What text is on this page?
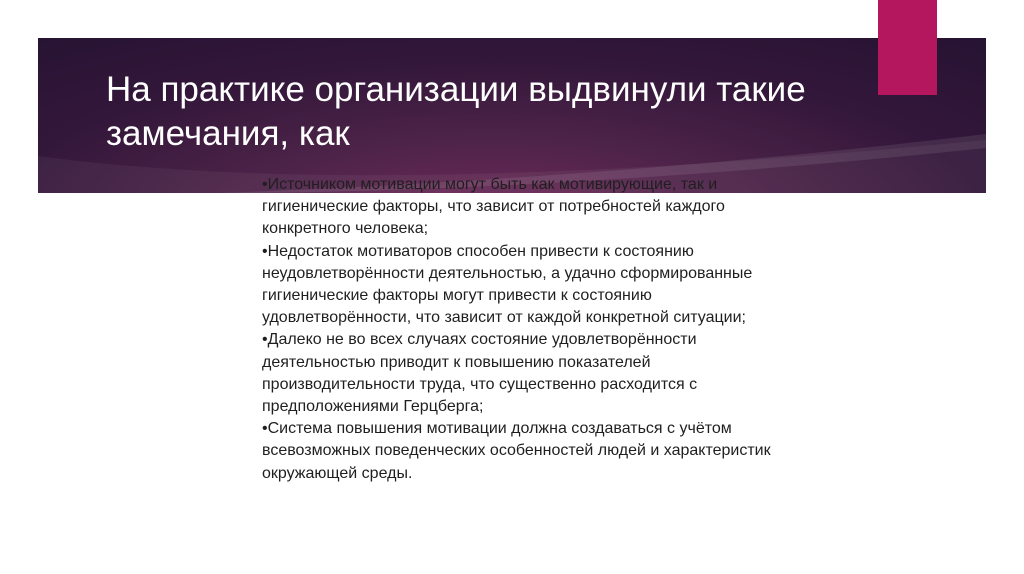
На практике организации выдвинули такие замечания, как

•Источником мотивации могут быть как мотивирующие, так и гигиенические факторы, что зависит от потребностей каждого конкретного человека;

•Недостаток мотиваторов способен привести к состоянию неудовлетворённости деятельностью, а удачно сформированные гигиенические факторы могут привести к состоянию удовлетворённости, что зависит от каждой конкретной ситуации;

•Далеко не во всех случаях состояние удовлетворённости деятельностью приводит к повышению показателей производительности труда, что существенно расходится с предположениями Герцберга;

•Система повышения мотивации должна создаваться с учётом всевозможных поведенческих особенностей людей и характеристик окружающей среды.
